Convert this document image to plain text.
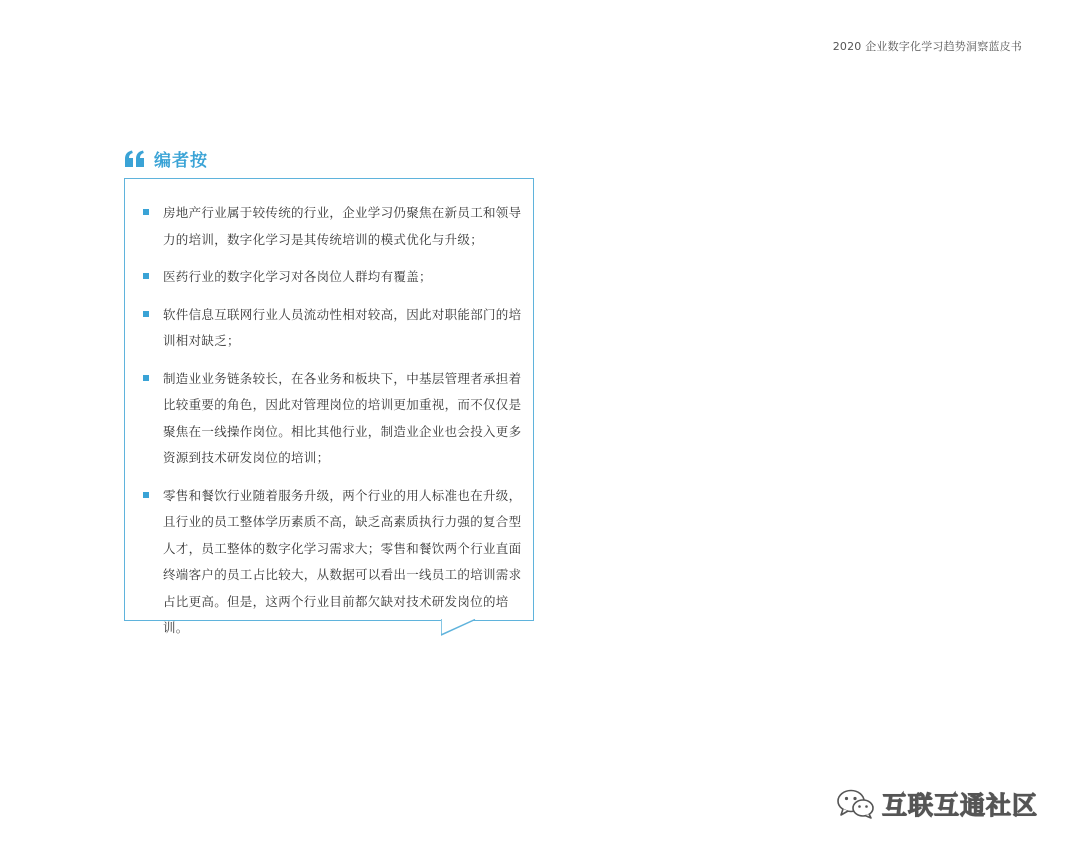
2020 企业数字化学习趋势洞察蓝皮书
编者按
房地产行业属于较传统的行业，企业学习仍聚焦在新员工和领导力的培训，数字化学习是其传统培训的模式优化与升级；
医药行业的数字化学习对各岗位人群均有覆盖；
软件信息互联网行业人员流动性相对较高，因此对职能部门的培训相对缺乏；
制造业业务链条较长，在各业务和板块下，中基层管理者承担着比较重要的角色，因此对管理岗位的培训更加重视，而不仅仅是聚焦在一线操作岗位。相比其他行业，制造业企业也会投入更多资源到技术研发岗位的培训；
零售和餐饮行业随着服务升级，两个行业的用人标准也在升级，且行业的员工整体学历素质不高，缺乏高素质执行力强的复合型人才，员工整体的数字化学习需求大；零售和餐饮两个行业直面终端客户的员工占比较大，从数据可以看出一线员工的培训需求占比更高。但是，这两个行业目前都欠缺对技术研发岗位的培训。
互联互通社区
